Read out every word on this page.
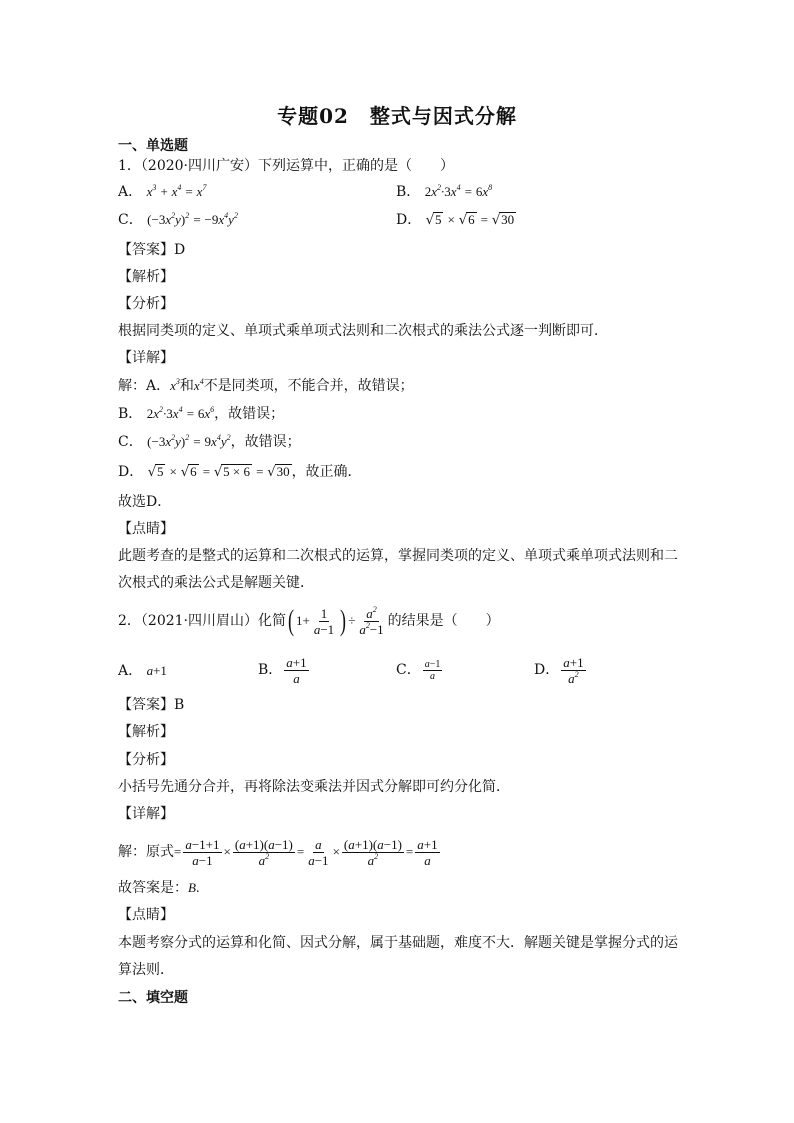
专题02　整式与因式分解
一、单选题
1．（2020·四川广安）下列运算中，正确的是（　　）
A． $x^3 + x^4 = x^7$	B． $2x^2\cdot 3x^4 = 6x^8$
C． $(-3x^2y)^2 = -9x^4y^2$	D． √5 × √6 = √30
【答案】D
【解析】
【分析】
根据同类项的定义、单项式乘单项式法则和二次根式的乘法公式逐一判断即可．
【详解】
解：A．$x^3$和$x^4$不是同类项，不能合并，故错误；
B． $2x^2\cdot 3x^4 = 6x^6$，故错误；
C． $(-3x^2y)^2 = 9x^4y^2$，故错误；
D． √5 × √6 = √5 × 6 = √30 ，故正确．
故选D．
【点睛】
此题考查的是整式的运算和二次根式的运算，掌握同类项的定义、单项式乘单项式法则和二
次根式的乘法公式是解题关键．
2．（2021·四川眉山）化简( $1+ \frac{1}{a-1}$ ) ÷ $\frac{a^2}{a^2-1}$ 的结果是（　　）
A． a+1	B． $\frac{a+1}{a}$	C． $\frac{a-1}{a}$	D． $\frac{a+1}{a^2}$
【答案】B
【解析】
【分析】
小括号先通分合并，再将除法变乘法并因式分解即可约分化简．
【详解】
解：原式= $\frac{a-1+1}{a-1} \times \frac{(a+1)(a-1)}{a^2} = \frac{a}{a-1} \times \frac{(a+1)(a-1)}{a^2} = \frac{a+1}{a}$
故答案是：B.
【点睛】
本题考察分式的运算和化简、因式分解，属于基础题，难度不大．解题关键是掌握分式的运
算法则．
二、填空题
